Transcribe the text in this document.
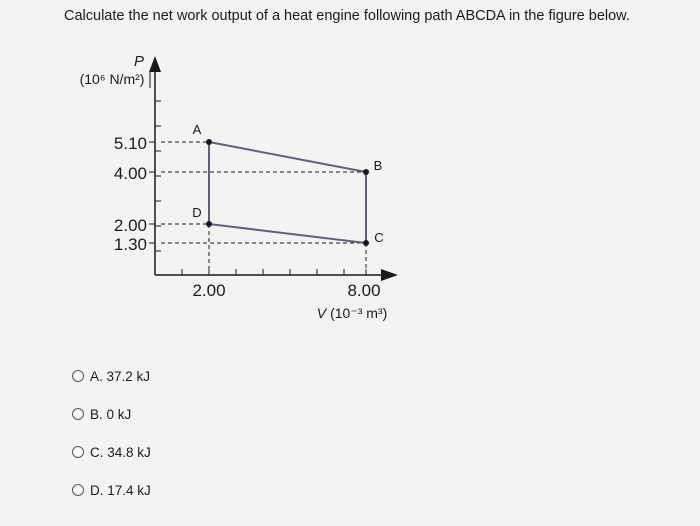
Calculate the net work output of a heat engine following path ABCDA in the figure below.
P
(10⁶ N/m²)
5.10
4.00
2.00
1.30
2.00	8.00
V (10⁻³ m³)
A
B
C
D
A. 37.2 kJ
B. 0 kJ
C. 34.8 kJ
D. 17.4 kJ
